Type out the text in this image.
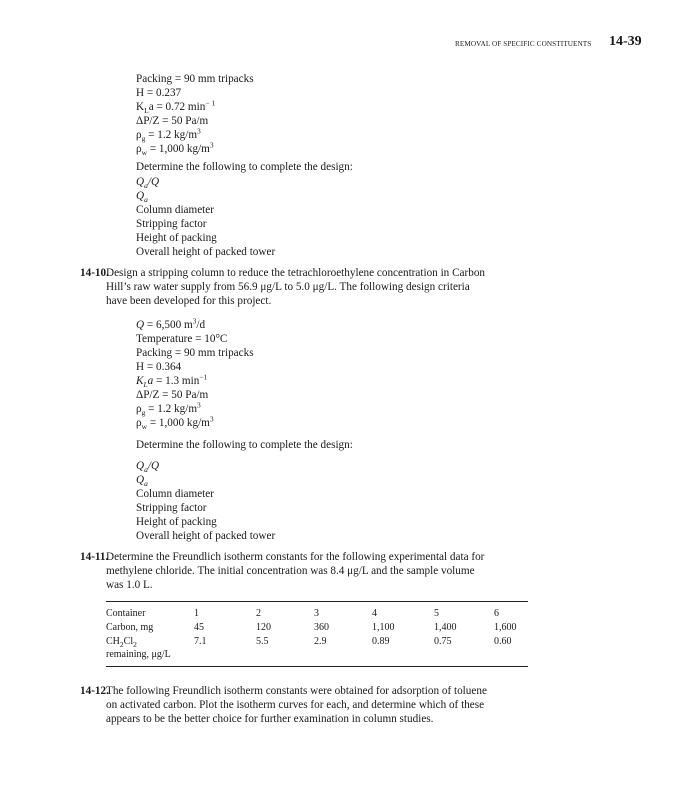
REMOVAL OF SPECIFIC CONSTITUENTS 14-39
Packing = 90 mm tripacks
H = 0.237
$K_La = 0.72$ $\min^{- 1}$
ΔP/Z = 50 Pa/m
$\rho_g = 1.2$ $kg/m^3$
$\rho_w = 1,000$ $kg/m^3$
Determine the following to complete the design:
$Q_a/Q$
$Q_a$
Column diameter
Stripping factor
Height of packing
Overall height of packed tower
14-10.
Design a stripping column to reduce the tetrachloroethylene concentration in Carbon
Hill’s raw water supply from 56.9 μg/L to 5.0 μg/L. The following design criteria
have been developed for this project.
Q = 6,500 $m^3/d$
Temperature = 10°C
Packing = 90 mm tripacks
H = 0.364
$K_La = 1.3$ $\min^{-1}$
ΔP/Z = 50 Pa/m
$\rho_g = 1.2$ $kg/m^3$
$\rho_w = 1,000$ $kg/m^3$
Determine the following to complete the design:
$Q_a/Q$
$Q_a$
Column diameter
Stripping factor
Height of packing
Overall height of packed tower
14-11.
Determine the Freundlich isotherm constants for the following experimental data for
methylene chloride. The initial concentration was 8.4 μg/L and the sample volume
was 1.0 L.
Container	1	2	3	4	5	6
Carbon, mg	45	120	360	1,100	1,400	1,600
$CH_2Cl_2$
remaining, μg/L
7.1	5.5	2.9	0.89	0.75	0.60
14-12.
The following Freundlich isotherm constants were obtained for adsorption of toluene
on activated carbon. Plot the isotherm curves for each, and determine which of these
appears to be the better choice for further examination in column studies.
